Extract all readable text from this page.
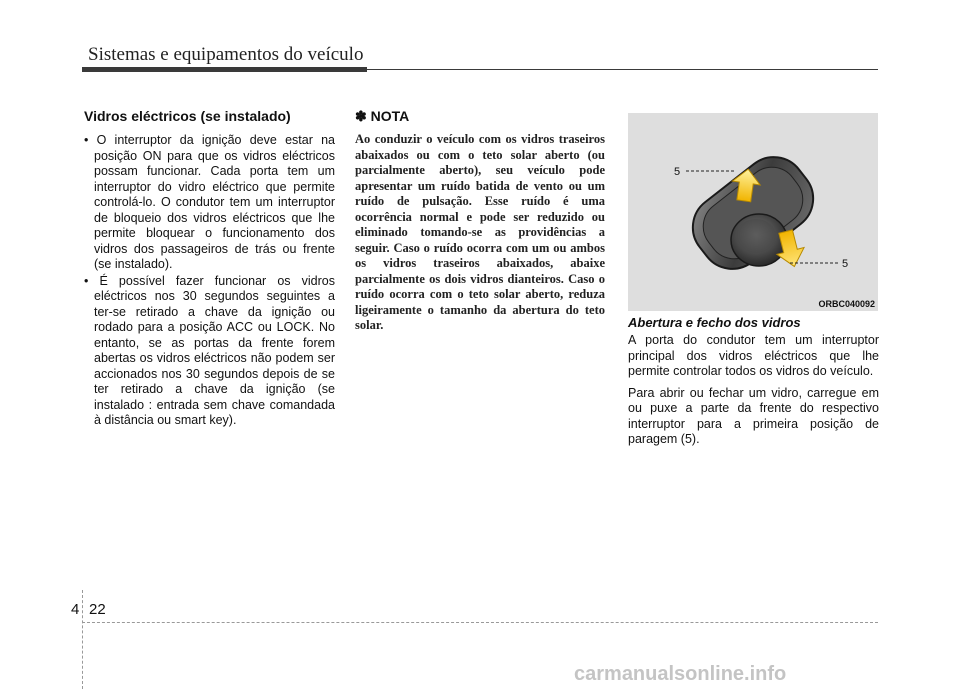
Sistemas e equipamentos do veículo
Vidros eléctricos (se instalado)

• O interruptor da ignição deve estar na posição ON para que os vidros eléctricos possam funcionar. Cada porta tem um interruptor do vidro eléctrico que permite controlá-lo. O condutor tem um interruptor de bloqueio dos vidros eléctricos que lhe permite bloquear o funcionamento dos vidros dos passageiros de trás ou frente (se instalado).

• É possível fazer funcionar os vidros eléctricos nos 30 segundos seguintes a ter-se retirado a chave da ignição ou rodado para a posição ACC ou LOCK. No entanto, se as portas da frente forem abertas os vidros eléctricos não podem ser accionados nos 30 segundos depois de se ter retirado a chave da ignição (se instalado : entrada sem chave comandada à distância ou smart key).

✽ NOTA

Ao conduzir o veículo com os vidros traseiros abaixados ou com o teto solar aberto (ou parcialmente aberto), seu veículo pode apresentar um ruído batida de vento ou um ruído de pulsação. Esse ruído é uma ocorrência normal e pode ser reduzido ou eliminado tomando-se as providências a seguir. Caso o ruído ocorra com um ou ambos os vidros traseiros abaixados, abaixe parcialmente os dois vidros dianteiros. Caso o ruído ocorra com o teto solar aberto, reduza ligeiramente o tamanho da abertura do teto solar.

5
5
ORBC040092
Abertura e fecho dos vidros

A porta do condutor tem um interruptor principal dos vidros eléctricos que lhe permite controlar todos os vidros do veículo.

Para abrir ou fechar um vidro, carregue em ou puxe a parte da frente do respectivo interruptor para a primeira posição de paragem (5).

4 22
carmanualsonline.info
